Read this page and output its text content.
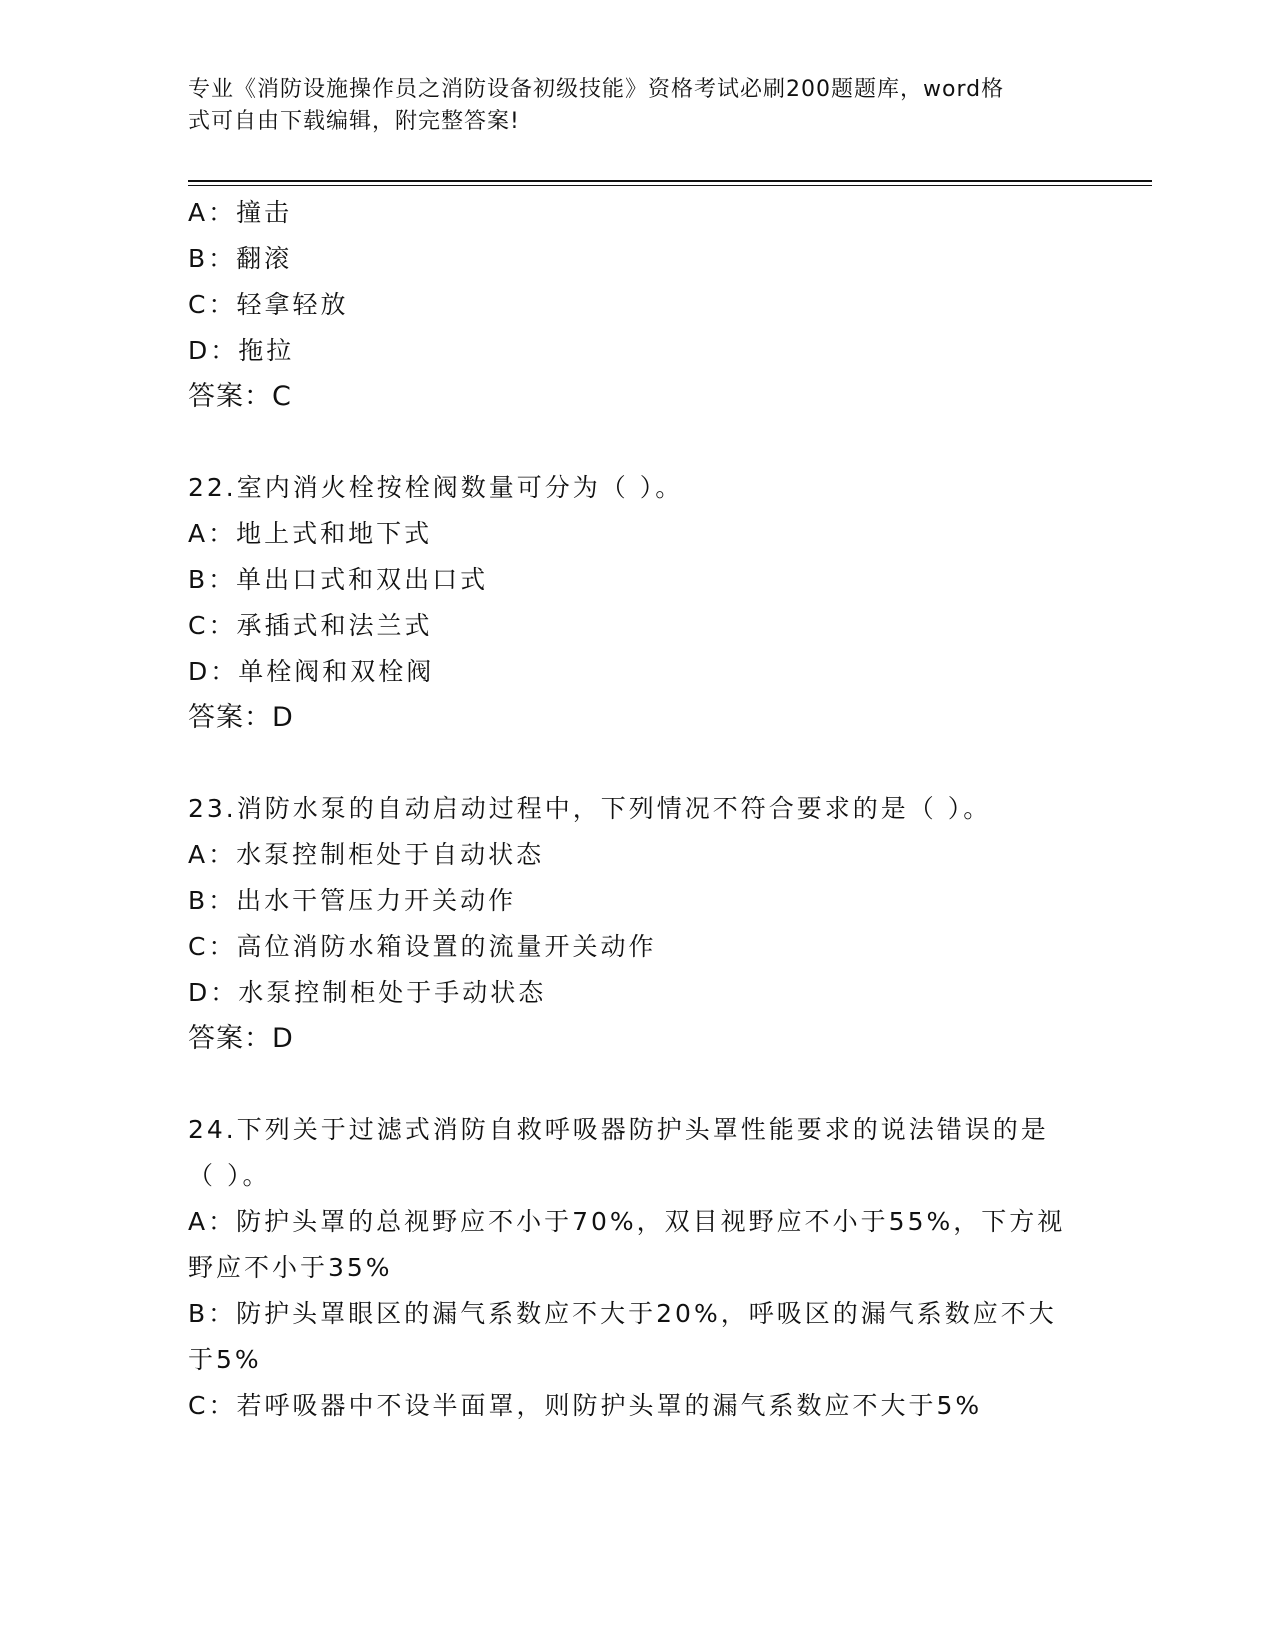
专业《消防设施操作员之消防设备初级技能》资格考试必刷200题题库，word格
式可自由下载编辑，附完整答案!
A：撞击
B：翻滚
C：轻拿轻放
D：拖拉
答案：C
22.室内消火栓按栓阀数量可分为（ ）。
A：地上式和地下式
B：单出口式和双出口式
C：承插式和法兰式
D：单栓阀和双栓阀
答案：D
23.消防水泵的自动启动过程中，下列情况不符合要求的是（ ）。
A：水泵控制柜处于自动状态
B：出水干管压力开关动作
C：高位消防水箱设置的流量开关动作
D：水泵控制柜处于手动状态
答案：D
24.下列关于过滤式消防自救呼吸器防护头罩性能要求的说法错误的是
（ ）。
A：防护头罩的总视野应不小于70%，双目视野应不小于55%，下方视
野应不小于35%
B：防护头罩眼区的漏气系数应不大于20%，呼吸区的漏气系数应不大
于5%
C：若呼吸器中不设半面罩，则防护头罩的漏气系数应不大于5%
